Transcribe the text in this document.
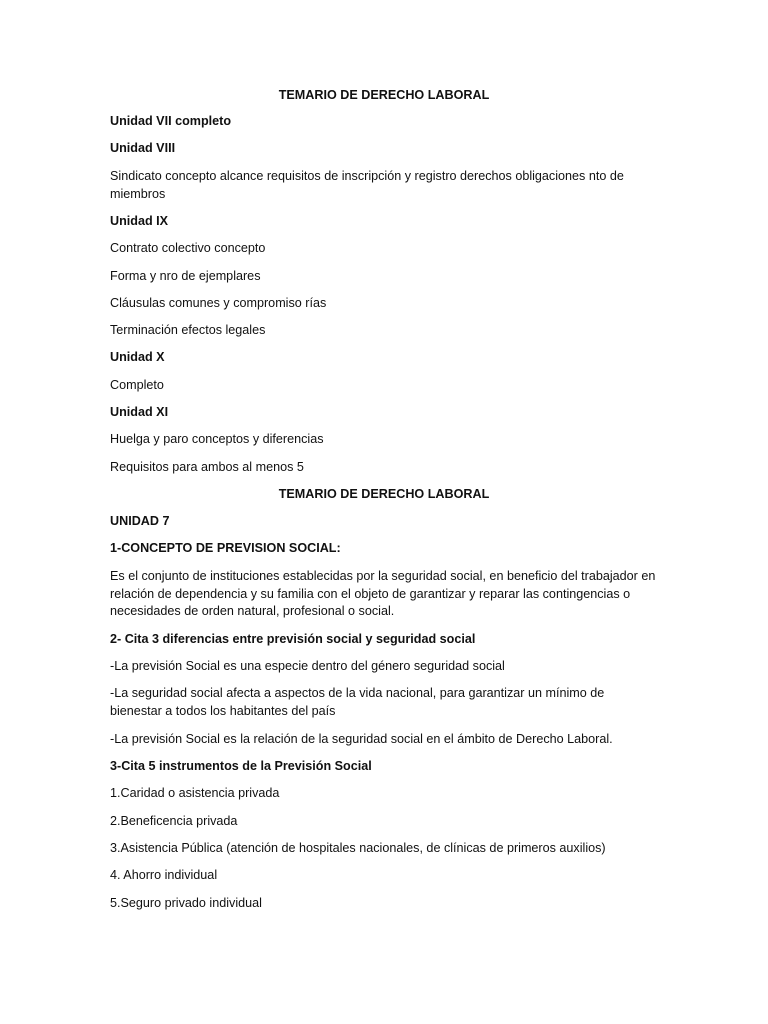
TEMARIO DE DERECHO LABORAL
Unidad VII completo
Unidad VIII
Sindicato concepto alcance requisitos de inscripción y registro derechos obligaciones nto de miembros
Unidad IX
Contrato colectivo concepto
Forma y nro de ejemplares
Cláusulas comunes y compromiso rías
Terminación efectos legales
Unidad X
Completo
Unidad XI
Huelga y paro conceptos y diferencias
Requisitos para ambos al menos 5
TEMARIO DE DERECHO LABORAL
UNIDAD 7
1-CONCEPTO DE PREVISION SOCIAL:
Es el conjunto de instituciones establecidas por la seguridad social, en beneficio del trabajador en relación de dependencia y su familia con el objeto de garantizar y reparar las contingencias o necesidades de orden natural, profesional o social.
2- Cita 3 diferencias entre previsión social y seguridad social
-La previsión Social es una especie dentro del género seguridad social
-La seguridad social afecta a aspectos de la vida nacional, para garantizar un mínimo de bienestar a todos los habitantes del país
-La previsión Social es la relación de la seguridad social en el ámbito de Derecho Laboral.
3-Cita 5 instrumentos de la Previsión Social
1.Caridad o asistencia privada
2.Beneficencia privada
3.Asistencia Pública (atención de hospitales nacionales, de clínicas de primeros auxilios)
4. Ahorro individual
5.Seguro privado individual
